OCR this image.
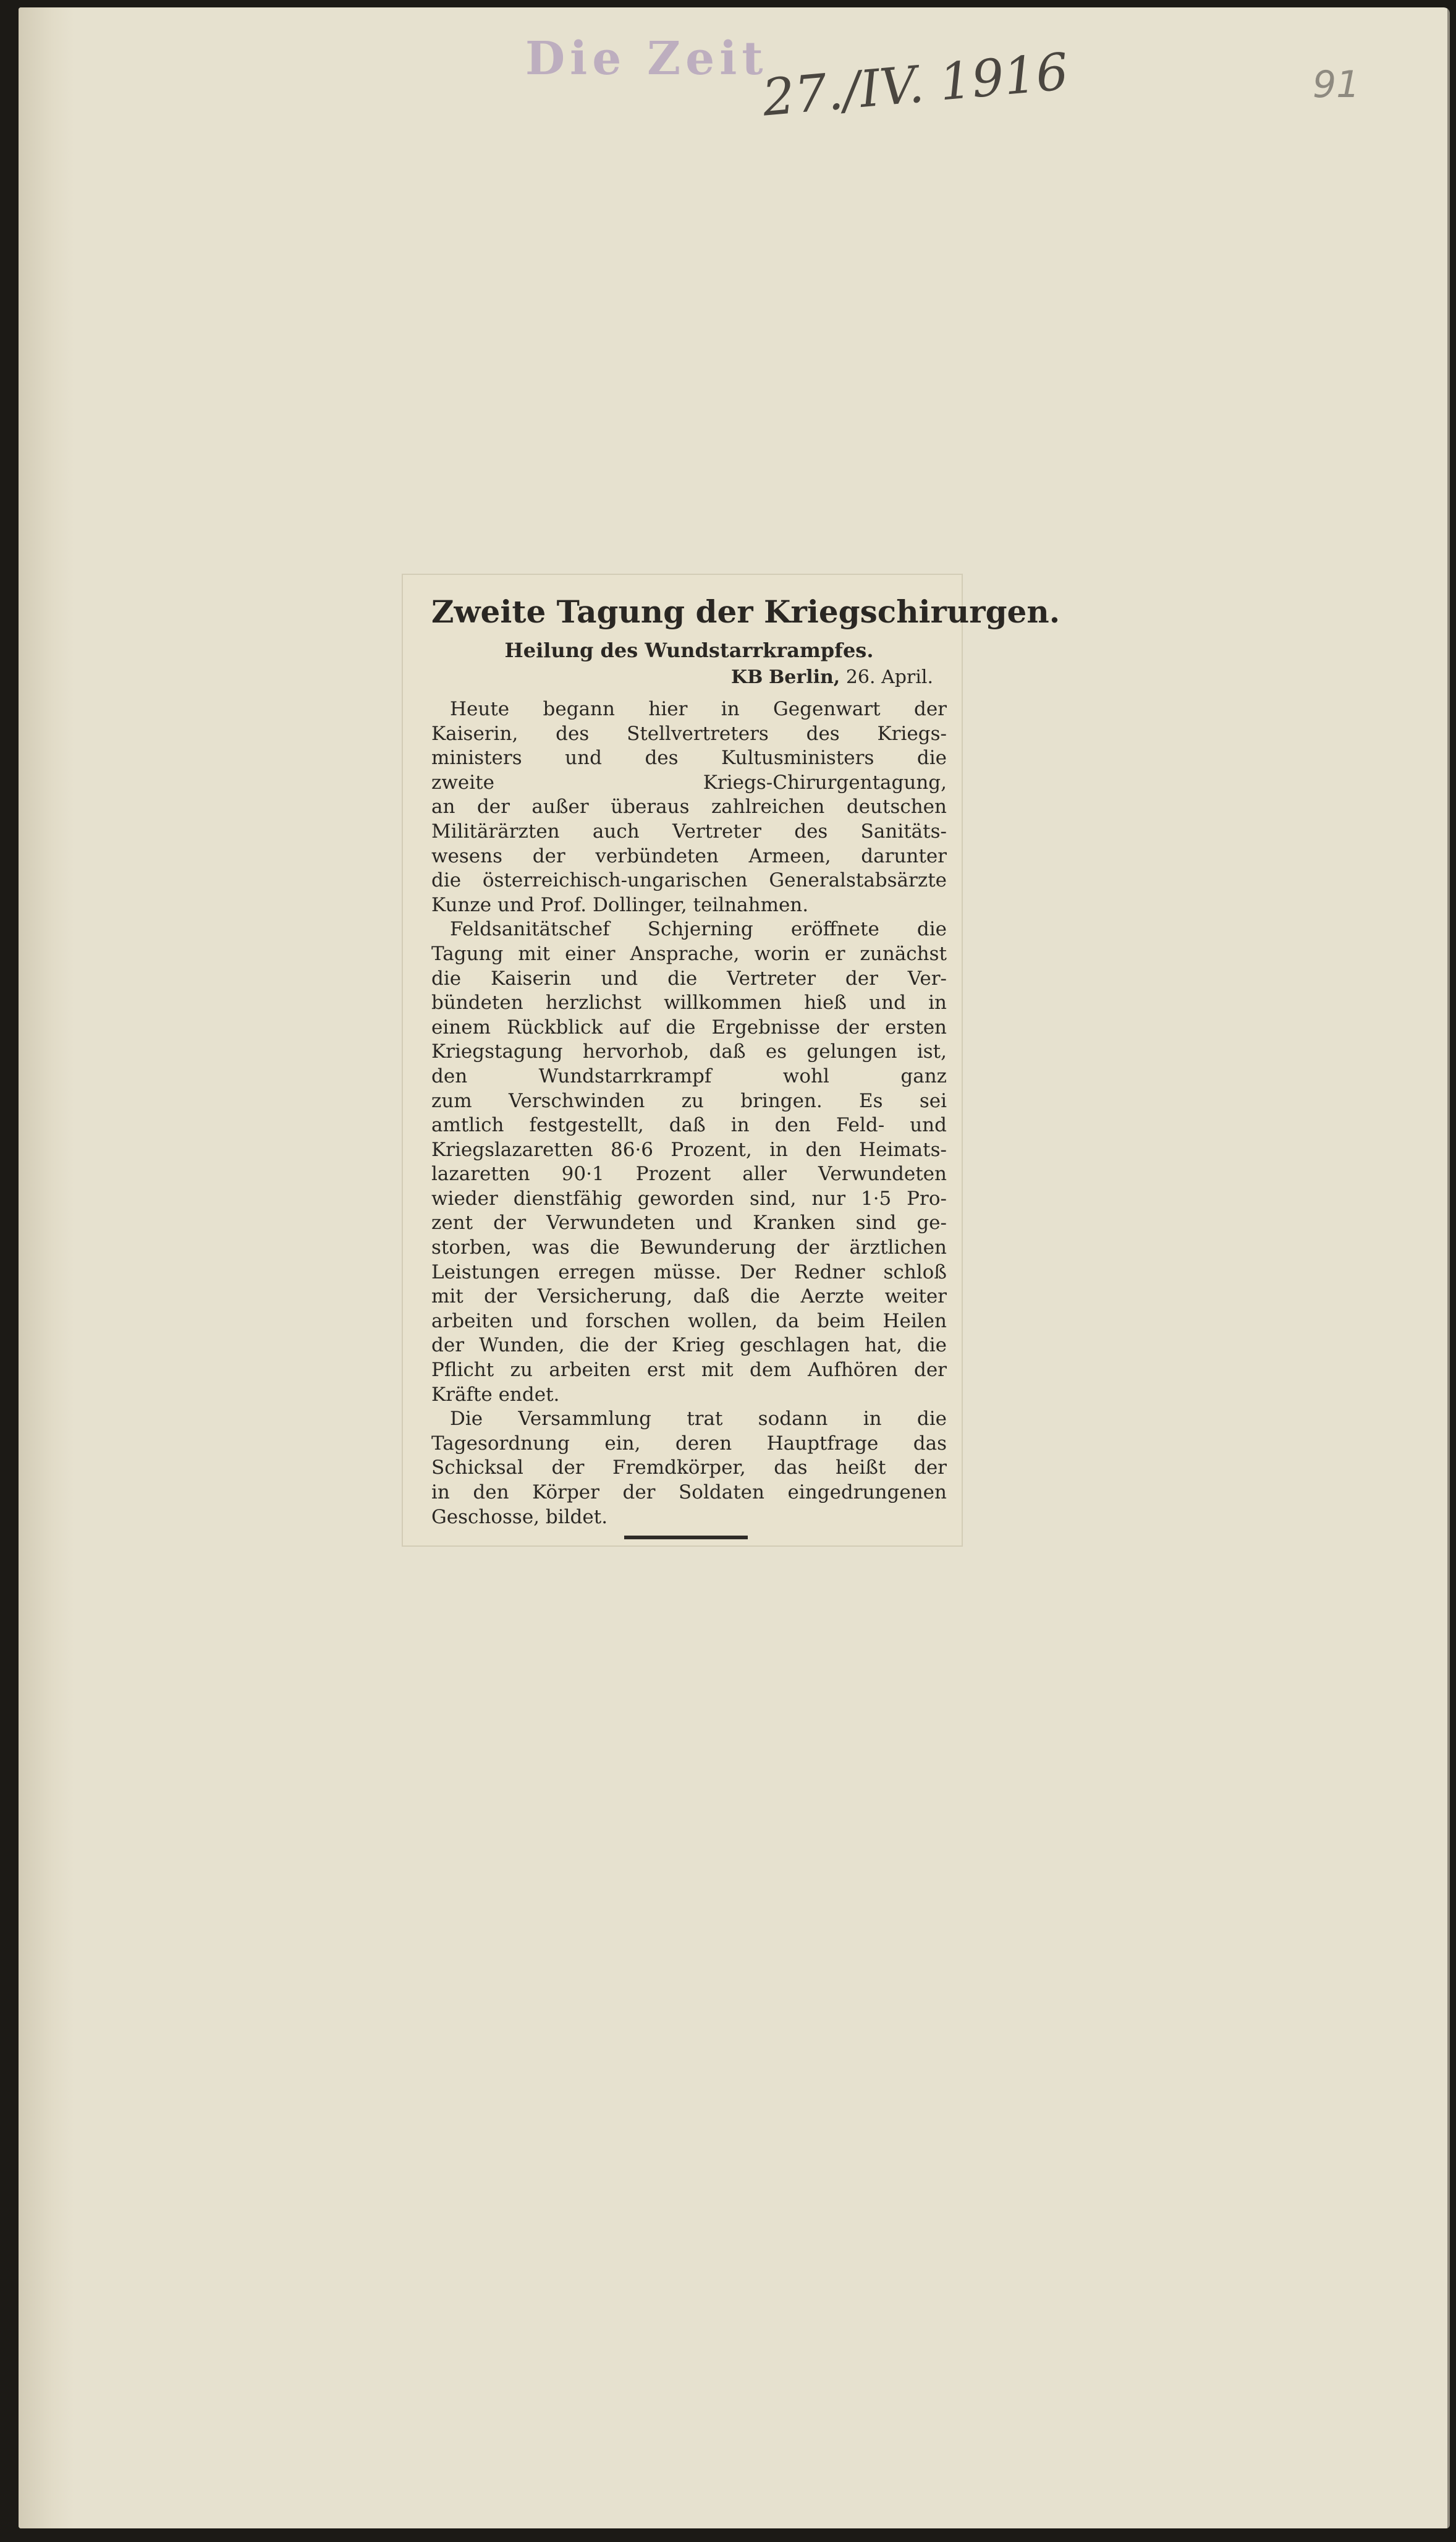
Die Zeit
27./IV. 1916	91
Zweite Tagung der Kriegschirurgen.
Heilung des Wundstarrkrampfes.
KB Berlin, 26. April.
Heute begann hier in Gegenwart der
Kaiserin, des Stellvertreters des Kriegs-
ministers und des Kultusministers die
zweite Kriegs-Chirurgentagung,
an der außer überaus zahlreichen deutschen
Militärärzten auch Vertreter des Sanitäts-
wesens der verbündeten Armeen, darunter
die österreichisch-ungarischen Generalstabsärzte
Kunze und Prof. Dollinger, teilnahmen.
Feldsanitätschef Schjerning eröffnete die
Tagung mit einer Ansprache, worin er zunächst
die Kaiserin und die Vertreter der Ver-
bündeten herzlichst willkommen hieß und in
einem Rückblick auf die Ergebnisse der ersten
Kriegstagung hervorhob, daß es gelungen ist,
den Wundstarrkrampf wohl ganz
zum Verschwinden zu bringen. Es sei
amtlich festgestellt, daß in den Feld- und
Kriegslazaretten 86·6 Prozent, in den Heimats-
lazaretten 90·1 Prozent aller Verwundeten
wieder dienstfähig geworden sind, nur 1·5 Pro-
zent der Verwundeten und Kranken sind ge-
storben, was die Bewunderung der ärztlichen
Leistungen erregen müsse. Der Redner schloß
mit der Versicherung, daß die Aerzte weiter
arbeiten und forschen wollen, da beim Heilen
der Wunden, die der Krieg geschlagen hat, die
Pflicht zu arbeiten erst mit dem Aufhören der
Kräfte endet.
Die Versammlung trat sodann in die
Tagesordnung ein, deren Hauptfrage das
Schicksal der Fremdkörper, das heißt der
in den Körper der Soldaten eingedrungenen
Geschosse, bildet.
